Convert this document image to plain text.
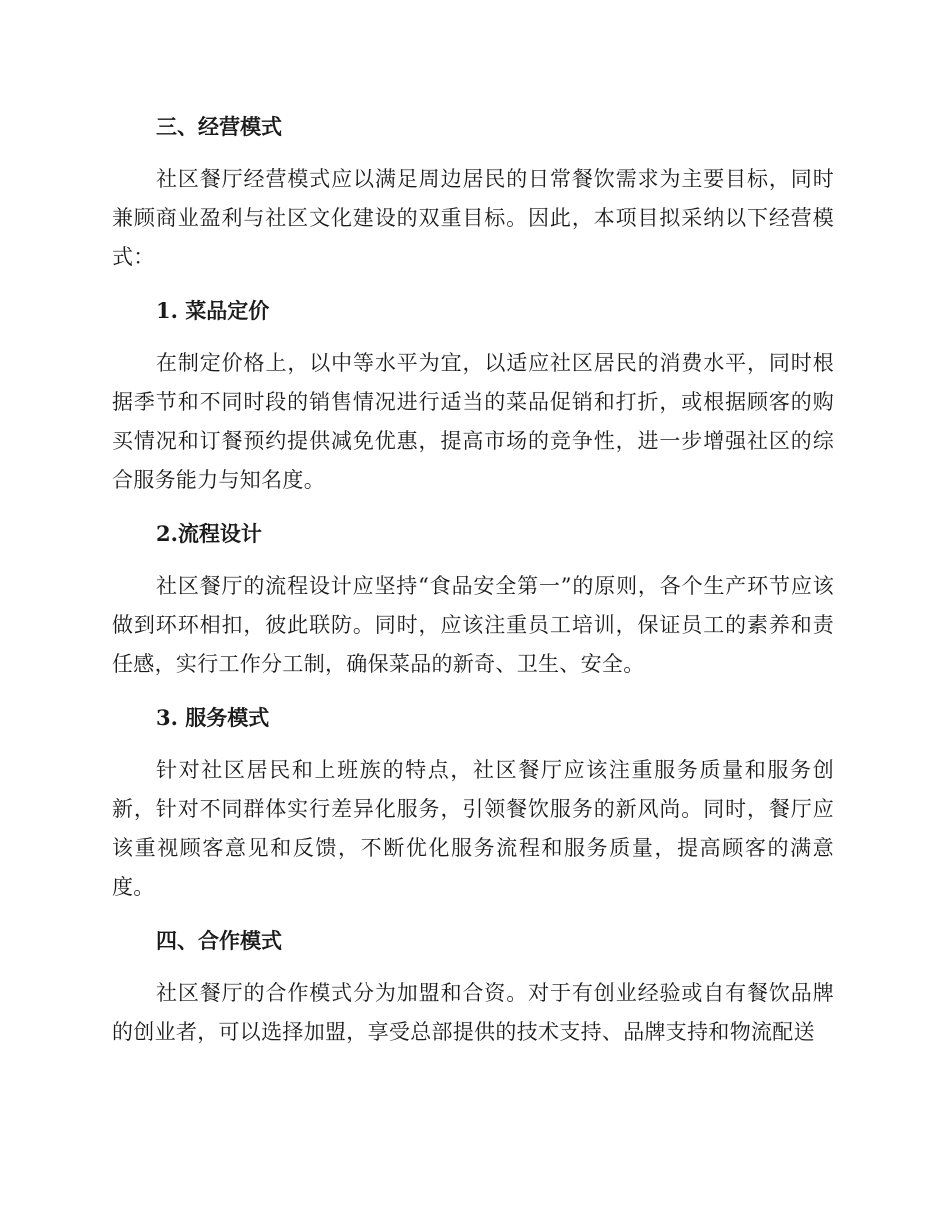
三、经营模式

社区餐厅经营模式应以满足周边居民的日常餐饮需求为主要目标，同时兼顾商业盈利与社区文化建设的双重目标。因此，本项目拟采纳以下经营模式：

1. 菜品定价

在制定价格上，以中等水平为宜，以适应社区居民的消费水平，同时根据季节和不同时段的销售情况进行适当的菜品促销和打折，或根据顾客的购买情况和订餐预约提供减免优惠，提高市场的竞争性，进一步增强社区的综合服务能力与知名度。

2.流程设计

社区餐厅的流程设计应坚持“食品安全第一”的原则，各个生产环节应该做到环环相扣，彼此联防。同时，应该注重员工培训，保证员工的素养和责任感，实行工作分工制，确保菜品的新奇、卫生、安全。

3. 服务模式

针对社区居民和上班族的特点，社区餐厅应该注重服务质量和服务创新，针对不同群体实行差异化服务，引领餐饮服务的新风尚。同时，餐厅应该重视顾客意见和反馈，不断优化服务流程和服务质量，提高顾客的满意度。

四、合作模式

社区餐厅的合作模式分为加盟和合资。对于有创业经验或自有餐饮品牌的创业者，可以选择加盟，享受总部提供的技术支持、品牌支持和物流配送
